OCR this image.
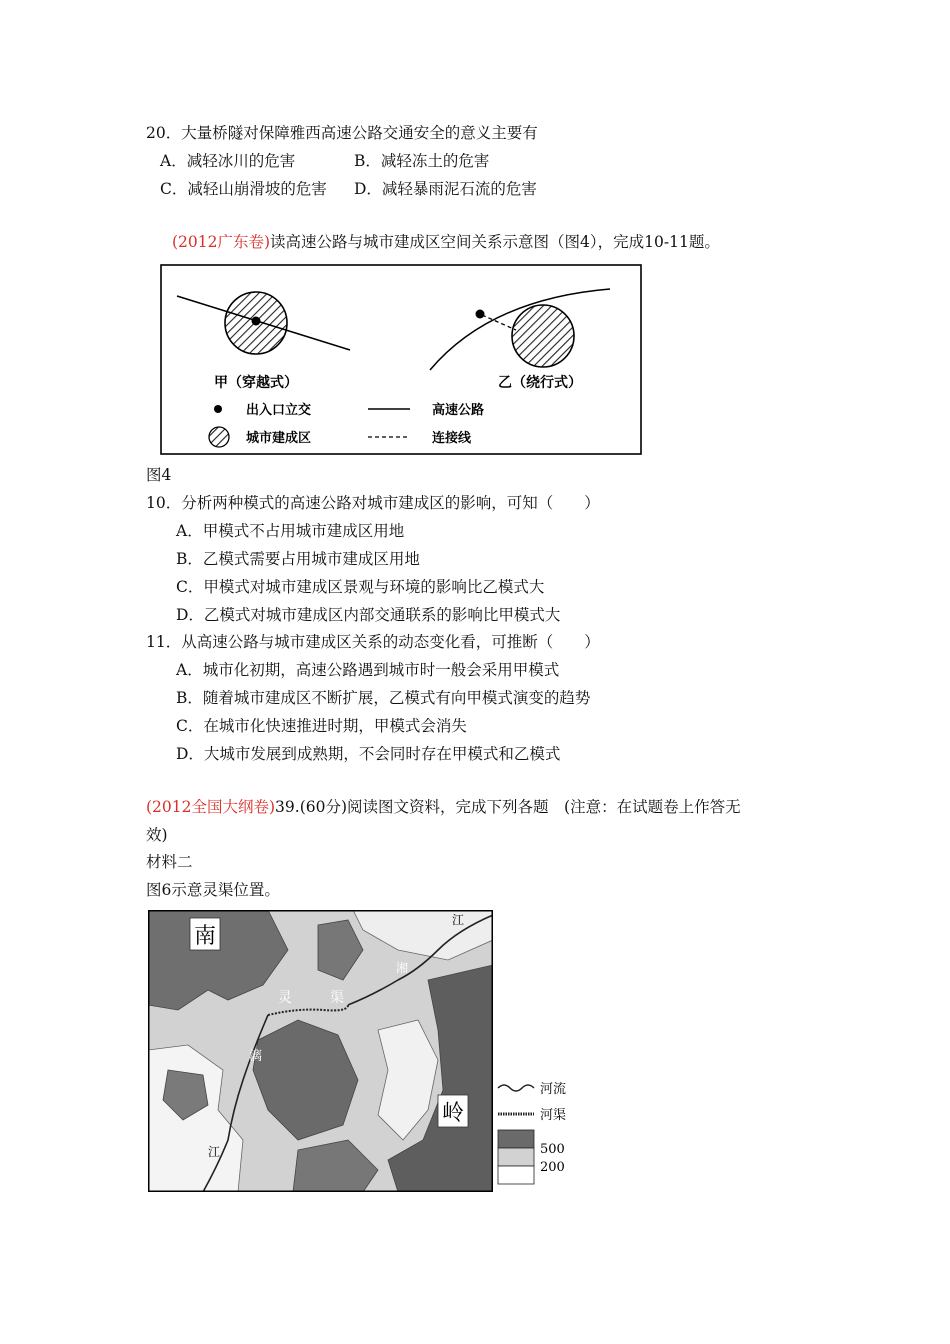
20．大量桥隧对保障雅西高速公路交通安全的意义主要有
A．减轻冰川的危害	B．减轻冻土的危害
C．减轻山崩滑坡的危害 D．减轻暴雨泥石流的危害
(2012广东卷)读高速公路与城市建成区空间关系示意图（图4），完成10-11题。
甲（穿越式）	乙（绕行式）
出入口立交	高速公路
城市建成区	连接线
图4
10．分析两种模式的高速公路对城市建成区的影响，可知（　　）
A．甲模式不占用城市建成区用地
B．乙模式需要占用城市建成区用地
C．甲模式对城市建成区景观与环境的影响比乙模式大
D．乙模式对城市建成区内部交通联系的影响比甲模式大
11．从高速公路与城市建成区关系的动态变化看，可推断（　　）
A．城市化初期，高速公路遇到城市时一般会采用甲模式
B．随着城市建成区不断扩展，乙模式有向甲模式演变的趋势
C．在城市化快速推进时期，甲模式会消失
D．大城市发展到成熟期，不会同时存在甲模式和乙模式
(2012全国大纲卷)39.(60分)阅读图文资料，完成下列各题　(注意：在试题卷上作答无
效)
材料二
图6示意灵渠位置。
南
岭
灵	渠
湘
江
漓
江
河流
河渠
500
200
